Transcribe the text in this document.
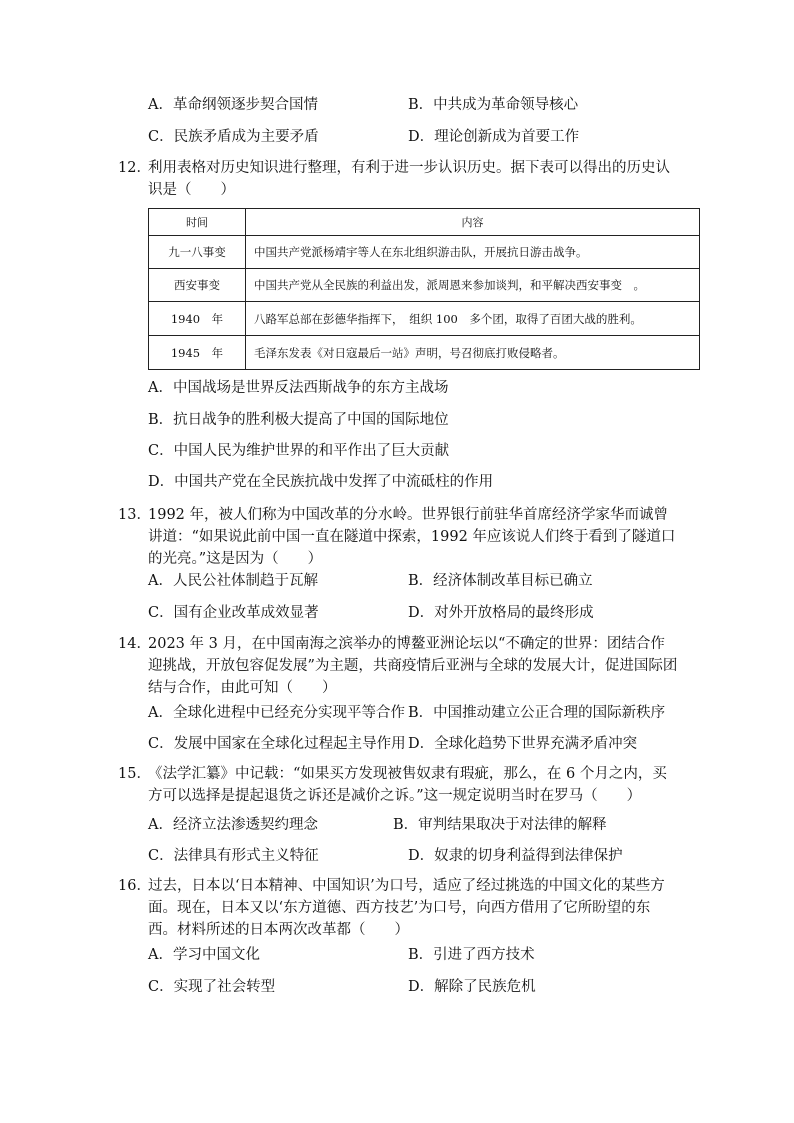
A．革命纲领逐步契合国情	B．中共成为革命领导核心
C．民族矛盾成为主要矛盾	D．理论创新成为首要工作
12．
利用表格对历史知识进行整理，有利于进一步认识历史。据下表可以得出的历史认识是（　　）
时间	内容
九一八事变	中国共产党派杨靖宇等人在东北组织游击队，开展抗日游击战争。
西安事变	中国共产党从全民族的利益出发，派周恩来参加谈判，和平解决西安事变　。
1940　年	八路军总部在彭德华指挥下，　组织 100　多个团，取得了百团大战的胜利。
1945　年	毛泽东发表《对日寇最后一站》声明，号召彻底打败侵略者。
A．中国战场是世界反法西斯战争的东方主战场
B．抗日战争的胜利极大提高了中国的国际地位
C．中国人民为维护世界的和平作出了巨大贡献
D．中国共产党在全民族抗战中发挥了中流砥柱的作用
13．
1992 年，被人们称为中国改革的分水岭。世界银行前驻华首席经济学家华而诚曾讲道：“如果说此前中国一直在隧道中探索，1992 年应该说人们终于看到了隧道口的光亮。”这是因为（　　）
A．人民公社体制趋于瓦解	B．经济体制改革目标已确立
C．国有企业改革成效显著	D．对外开放格局的最终形成
14．
2023 年 3 月，在中国南海之滨举办的博鳌亚洲论坛以“不确定的世界：团结合作迎挑战，开放包容促发展”为主题，共商疫情后亚洲与全球的发展大计，促进国际团结与合作，由此可知（　　）
A．全球化进程中已经充分实现平等合作 B．中国推动建立公正合理的国际新秩序
C．发展中国家在全球化过程起主导作用 D．全球化趋势下世界充满矛盾冲突
15．
《法学汇纂》中记载：“如果买方发现被售奴隶有瑕疵，那么，在 6 个月之内，买方可以选择是提起退货之诉还是减价之诉。”这一规定说明当时在罗马（　　）
A．经济立法渗透契约理念	B．审判结果取决于对法律的解释
C．法律具有形式主义特征	D．奴隶的切身利益得到法律保护
16．
过去，日本以‘日本精神、中国知识’为口号，适应了经过挑选的中国文化的某些方面。现在，日本又以‘东方道德、西方技艺’为口号，向西方借用了它所盼望的东西。材料所述的日本两次改革都（　　）
A．学习中国文化	B．引进了西方技术
C．实现了社会转型	D．解除了民族危机
